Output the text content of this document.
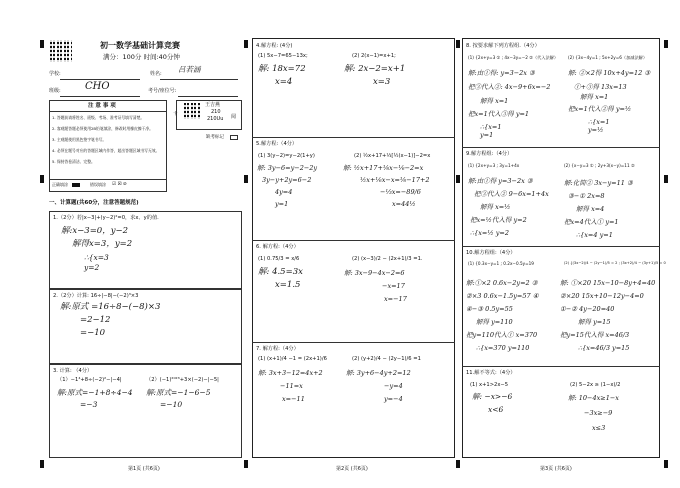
初一数学基础计算竞赛
满分：100分 时间:40分钟
学校:	姓名: 吕若涵
班级: CHO	考号/座位号:
注 意 事 项
1. 答题前请将姓名、班级、考场、准考证号填写清楚。
2. 客观题答题必须使用2B铅笔填涂，修改时用橡皮擦干净。
3. 主观题使用黑色签字笔书写。
4. 必须在题号对应的答题区域内作答，超出答题区域书写无效。
5. 保持答卷清洁、完整。
正确填涂	错误填涂 ☑ ☒ ⊘
王吉燕
210
210Uu 阅
卡
缺考标记
一、计算题(共60分，注意答题规范)
1.（2分）若|x−3|+(y−2)²=0，求x、y的值.
解:x−3=0，y−2
解得x=3，y=2
∴{x=3
y=2
2.（2分）计算: 16÷|−8|−(−2)³×3
解:原式 =16÷8−(−8)×3
=2−12
=−10
3. 计算: （4分）
（1）−1⁴+8÷(−2)²−|−4|
解:原式=−1+8÷4−4
=−3
（2）(−1)²⁰²³+3×(−2)−|−5|
解:原式=−1−6−5
=−10
第1页 (共6页)
4.解方程: (4分)
(1) 5x−7=65−13x;
解: 18x=72
x=4
(2) 2(x−1)=x+1;
解: 2x−2=x+1
x=3
5.解方程:（4分）
(1) 3(y−2)=y−2(1+y)
解: 3y−6=y−2−2y
3y−y+2y=6−2
4y=4
y=1
(2) ½x+17+⅓[½(x−1)]−2=x
解: ½x+17+⅙x−⅙−2=x
½x+⅙x−x=⅙−17+2
−⅓x=−89/6
x=44½
6. 解方程:（4分）
(1) 0.75/3 = x/6
解: 4.5=3x
x=1.5
(2) (x−3)/2 − (2x+1)/3 =1.
解: 3x−9−4x−2=6
−x=17
x=−17
7. 解方程:（4分）
(1) (x+1)/4 −1 = (2x+1)/6
解: 3x+3−12=4x+2
−11=x
x=−11
(2) (y+2)/4 − (2y−1)/6 =1
解: 3y+6−4y+2=12
−y=4
y=−4
第2页 (共6页)
8. 按要求解下列方程组.（4分）
(1) {2x+y=3 ① ; 4x−3y=−2 ②（代入法解）
解:由①得: y=3−2x ③
把③代入②: 4x−9+6x=−2
解得 x=1
把x=1代入③得 y=1
∴{x=1
y=1
(2) {3x−4y=1 ; 5x+2y=6（加减法解）
解: ②×2得 10x+4y=12 ③
①+③得 13x=13
解得 x=1
把x=1代入②得 y=½
∴{x=1
y=½
9.解方程组:（4分）
(1) {2x+y=3 ; 3y=1+4x
解:由①得 y=3−2x ③
把③代入② 9−6x=1+4x
解得 x=½
把x=½代入得 y=2
∴{x=½ y=2
(2) {x−y=3 ① ; 2y+3(x−y)=11 ②
解:化简② 3x−y=11 ③
③−① 2x=8
解得 x=4
把x=4代入① y=1
∴{x=4 y=1
10.解方程组:（4分）
(1) {0.3x−y=1 ; 0.2x−0.5y=19
解:①×2 0.6x−2y=2 ③
②×3 0.6x−1.5y=57 ④
④−③ 0.5y=55
解得 y=110
把y=110代入① x=370
∴{x=370 y=110
(2) {(3x−2)/4 − (2y−1)/5 = 2 ; (3x+2)/4 − (3y+1)/5 = 0
解: ①×20 15x−10−8y+4=40
②×20 15x+10−12y−4=0
①−② 4y−20=40
解得 y=15
把y=15代入得 x=46/3
∴{x=46/3 y=15
11.解不等式:（4分）
(1) x+1>2x−5
解: −x>−6
x<6
(2) 5−2x ≥ (1−x)/2
解: 10−4x≥1−x
−3x≥−9
x≤3
第3页 (共6页)
